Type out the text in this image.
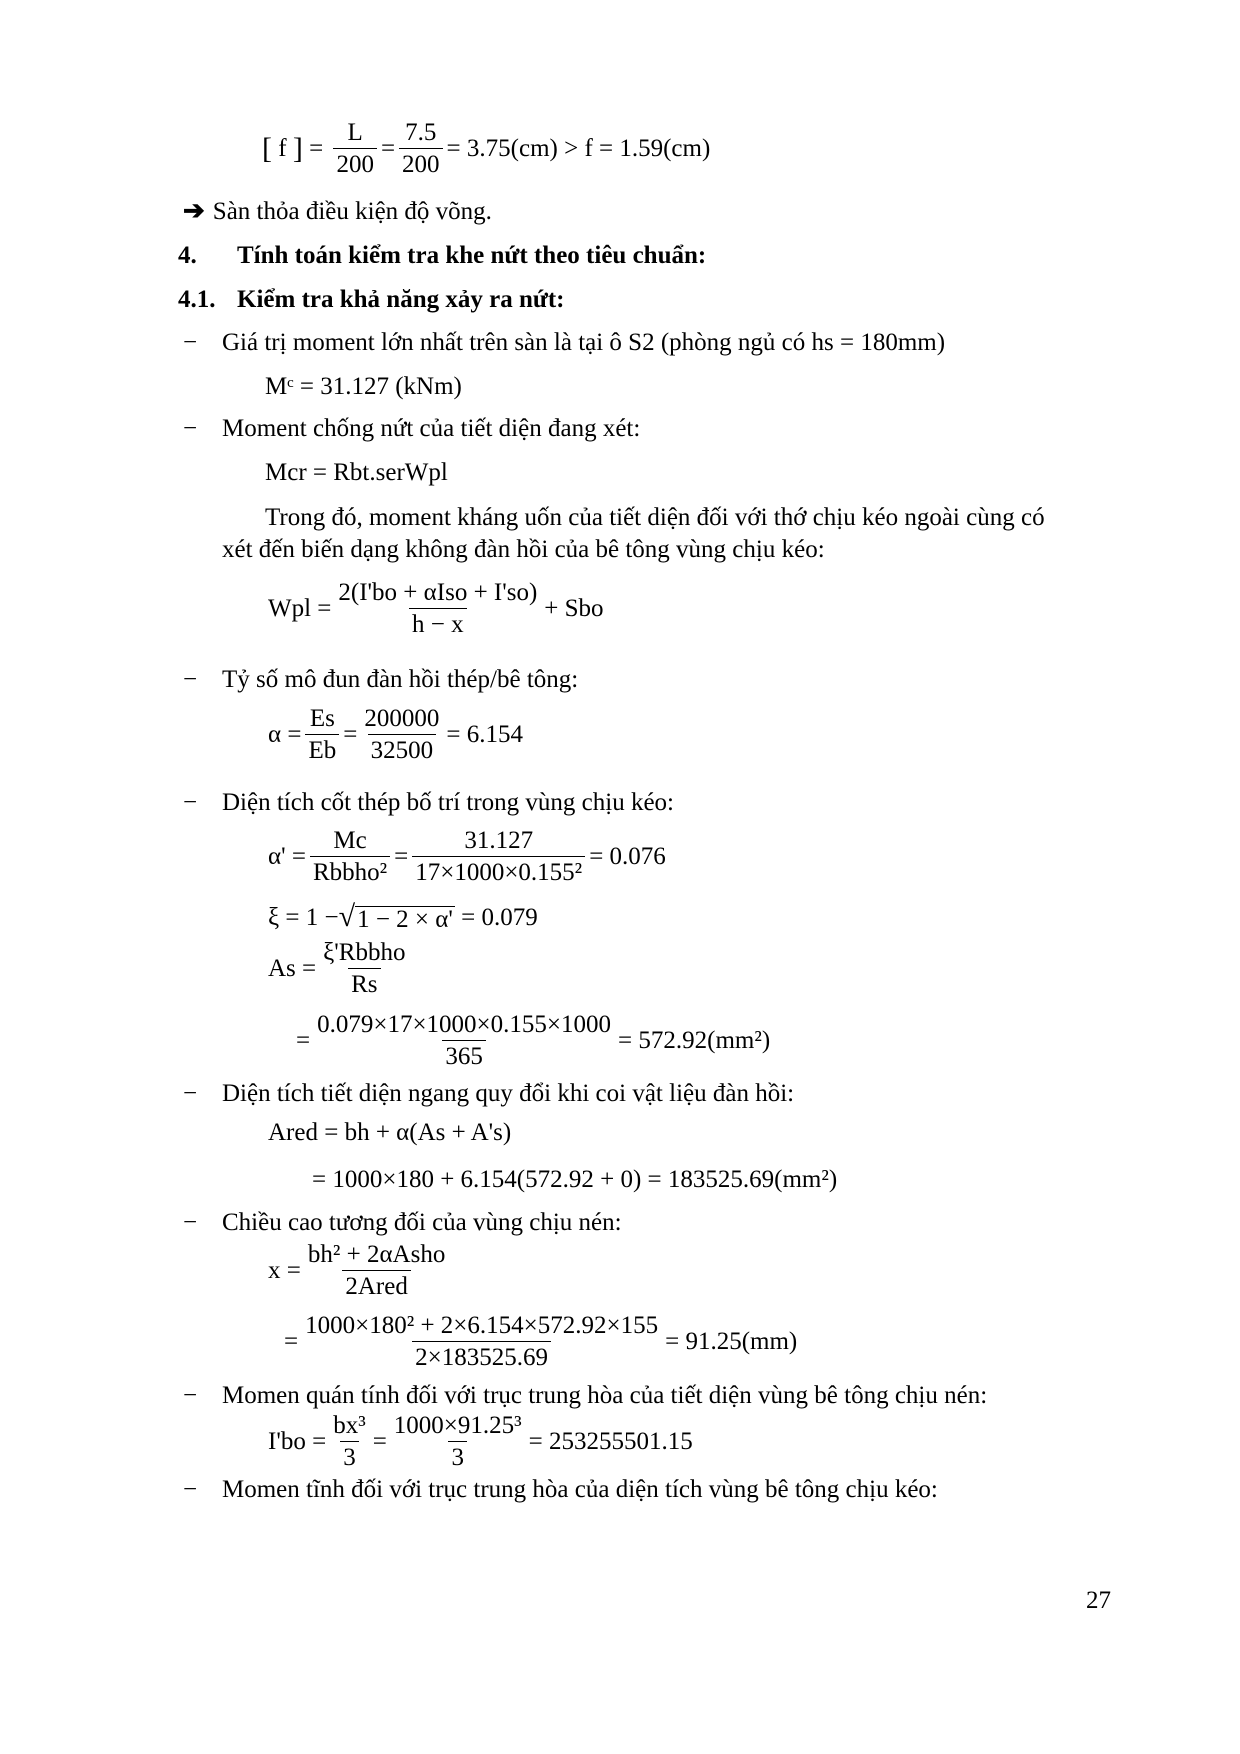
[ f ] = $\frac{L}{200} = \frac{7.5}{200} = 3.75(cm) > f = 1.59(cm)$
➔ Sàn thỏa điều kiện độ võng.
4. Tính toán kiểm tra khe nứt theo tiêu chuẩn:
4.1. Kiểm tra khả năng xảy ra nứt:
− Giá trị moment lớn nhất trên sàn là tại ô S2 (phòng ngủ có hs = 180mm)
Mᶜ = 31.127 (kNm)
− Moment chống nứt của tiết diện đang xét:
Mcr = Rbt.serWpl
Trong đó, moment kháng uốn của tiết diện đối với thớ chịu kéo ngoài cùng có
xét đến biến dạng không đàn hồi của bê tông vùng chịu kéo:
Wpl = $\frac{\text{2(I'bo + αIso + I'so)}}{h - x}$ + Sbo
− Tỷ số mô đun đàn hồi thép/bê tông:
$\alpha = \frac{Es}{Eb} = \frac{200000}{32500} = 6.154$
− Diện tích cốt thép bố trí trong vùng chịu kéo:
$\alpha' = \frac{Mc}{\text{Rbbho²}} = \frac{31.127}{\text{17×1000×0.155²}} = 0.076$
ξ = 1 − √ 1 − 2 × α'
= 0.079
$As = \frac{\text{ξ'Rbbho}}{Rs}$
= $\frac{0.079\times 17\times 1000\times 0.155\times 1000}{365} = 572.92(mm^2)$
− Diện tích tiết diện ngang quy đổi khi coi vật liệu đàn hồi:
Ared = bh + α(As + A's)
= 1000×180 + 6.154(572.92 + 0) = 183525.69(mm²)
− Chiều cao tương đối của vùng chịu nén:
$x = \frac{\text{bh² + 2αAsho}}{\text{2Ared}}$
= $\frac{\text{1000×180² + 2×6.154×572.92×155}}{2\times 183525.69} = 91.25(mm)$
− Momen quán tính đối với trục trung hòa của tiết diện vùng bê tông chịu nén:
$I'bo = \frac{\text{bx³}}{3} = \frac{\text{1000×91.25³}}{3} = 253255501.15$
− Momen tĩnh đối với trục trung hòa của diện tích vùng bê tông chịu kéo:
27
